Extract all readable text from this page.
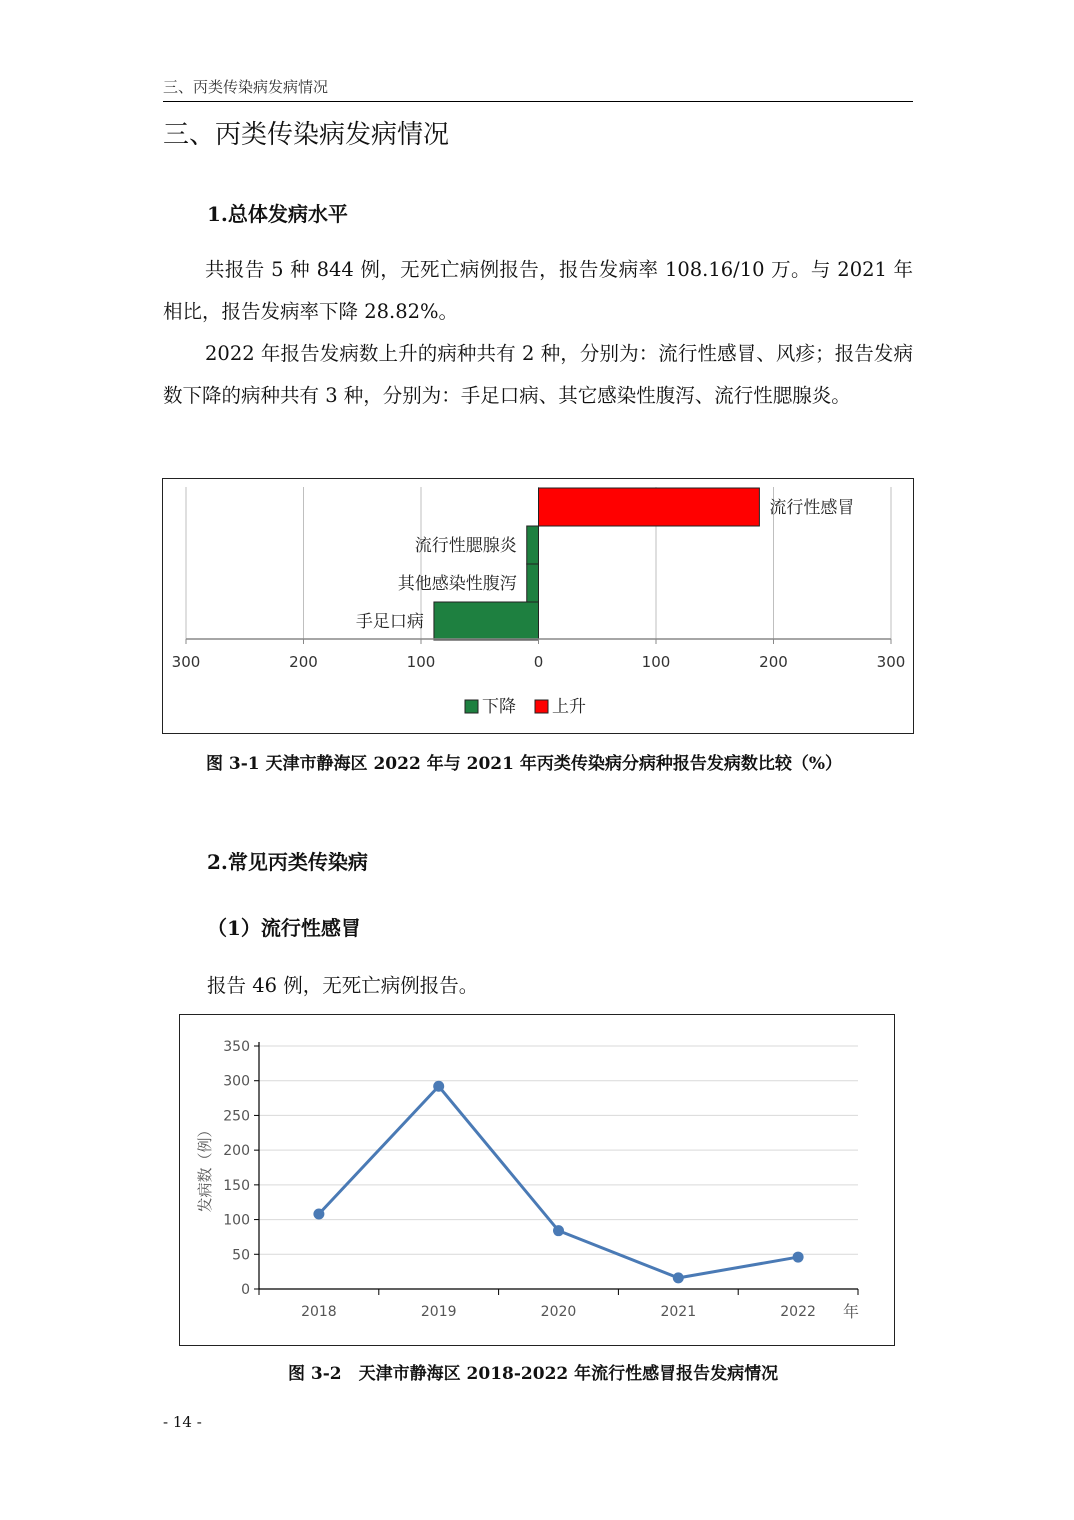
三、丙类传染病发病情况
三、丙类传染病发病情况
1.总体发病水平
共报告 5 种 844 例，无死亡病例报告，报告发病率 108.16/10 万。与 2021 年相比，报告发病率下降 28.82%。
2022 年报告发病数上升的病种共有 2 种，分别为：流行性感冒、风疹；报告发病数下降的病种共有 3 种，分别为：手足口病、其它感染性腹泻、流行性腮腺炎。
流行性感冒
流行性腮腺炎
其他感染性腹泻
手足口病
300	200	100	0	100	200	300
下降 上升
图 3-1 天津市静海区 2022 年与 2021 年丙类传染病分病种报告发病数比较（%）
2.常见丙类传染病
（1）流行性感冒
报告 46 例，无死亡病例报告。
0
50
100
150
200
250
300
350
2018	2019	2020	2021	2022 年
发病数（例）
图 3-2　天津市静海区 2018-2022 年流行性感冒报告发病情况
- 14 -
